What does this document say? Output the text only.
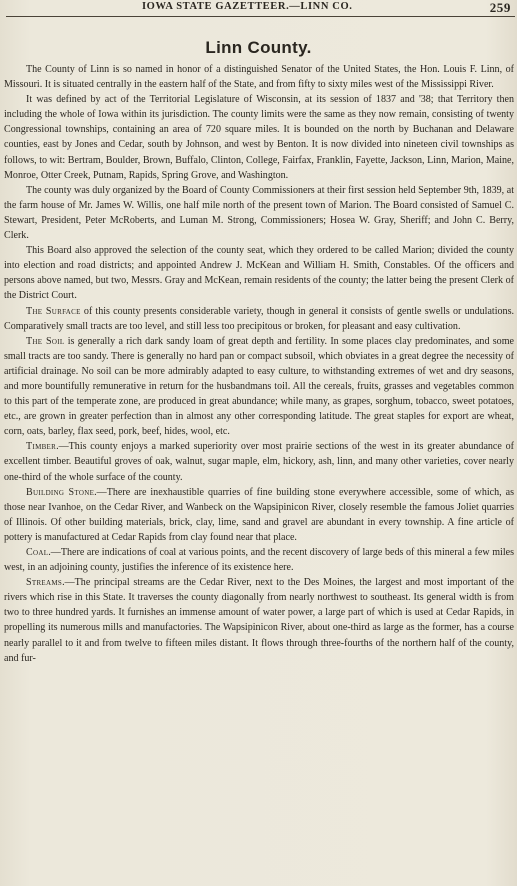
IOWA STATE GAZETTEER.—LINN CO.	259
Linn County.

The County of Linn is so named in honor of a distinguished Senator of the United States, the Hon. Louis F. Linn, of Missouri. It is situated centrally in the eastern half of the State, and from fifty to sixty miles west of the Mississippi River.

It was defined by act of the Territorial Legislature of Wisconsin, at its session of 1837 and '38; that Territory then including the whole of Iowa within its jurisdiction. The county limits were the same as they now remain, consisting of twenty Congressional townships, containing an area of 720 square miles. It is bounded on the north by Buchanan and Delaware counties, east by Jones and Cedar, south by Johnson, and west by Benton. It is now divided into nineteen civil townships as follows, to wit: Bertram, Boulder, Brown, Buffalo, Clinton, College, Fairfax, Franklin, Fayette, Jackson, Linn, Marion, Maine, Monroe, Otter Creek, Putnam, Rapids, Spring Grove, and Washington.

The county was duly organized by the Board of County Commissioners at their first session held September 9th, 1839, at the farm house of Mr. James W. Willis, one half mile north of the present town of Marion. The Board consisted of Samuel C. Stewart, President, Peter McRoberts, and Luman M. Strong, Commissioners; Hosea W. Gray, Sheriff; and John C. Berry, Clerk.

This Board also approved the selection of the county seat, which they ordered to be called Marion; divided the county into election and road districts; and appointed Andrew J. McKean and William H. Smith, Constables. Of the officers and persons above named, but two, Messrs. Gray and McKean, remain residents of the county; the latter being the present Clerk of the District Court.

The Surface of this county presents considerable variety, though in general it consists of gentle swells or undulations. Comparatively small tracts are too level, and still less too precipitous or broken, for pleasant and easy cultivation.

The Soil is generally a rich dark sandy loam of great depth and fertility. In some places clay predominates, and some small tracts are too sandy. There is generally no hard pan or compact subsoil, which obviates in a great degree the necessity of artificial drainage. No soil can be more admirably adapted to easy culture, to withstanding extremes of wet and dry seasons, and more bountifully remunerative in return for the husbandmans toil. All the cereals, fruits, grasses and vegetables common to this part of the temperate zone, are produced in great abundance; while many, as grapes, sorghum, tobacco, sweet potatoes, etc., are grown in greater perfection than in almost any other corresponding latitude. The great staples for export are wheat, corn, oats, barley, flax seed, pork, beef, hides, wool, etc.

Timber.—This county enjoys a marked superiority over most prairie sections of the west in its greater abundance of excellent timber. Beautiful groves of oak, walnut, sugar maple, elm, hickory, ash, linn, and many other varieties, cover nearly one-third of the whole surface of the county.

Building Stone.—There are inexhaustible quarries of fine building stone everywhere accessible, some of which, as those near Ivanhoe, on the Cedar River, and Wanbeck on the Wapsipinicon River, closely resemble the famous Joliet quarries of Illinois. Of other building materials, brick, clay, lime, sand and gravel are abundant in every township. A fine article of pottery is manufactured at Cedar Rapids from clay found near that place.

Coal.—There are indications of coal at various points, and the recent discovery of large beds of this mineral a few miles west, in an adjoining county, justifies the inference of its existence here.

Streams.—The principal streams are the Cedar River, next to the Des Moines, the largest and most important of the rivers which rise in this State. It traverses the county diagonally from nearly northwest to southeast. Its general width is from two to three hundred yards. It furnishes an immense amount of water power, a large part of which is used at Cedar Rapids, in propelling its numerous mills and manufactories. The Wapsipinicon River, about one-third as large as the former, has a course nearly parallel to it and from twelve to fifteen miles distant. It flows through three-fourths of the northern half of the county, and fur-
